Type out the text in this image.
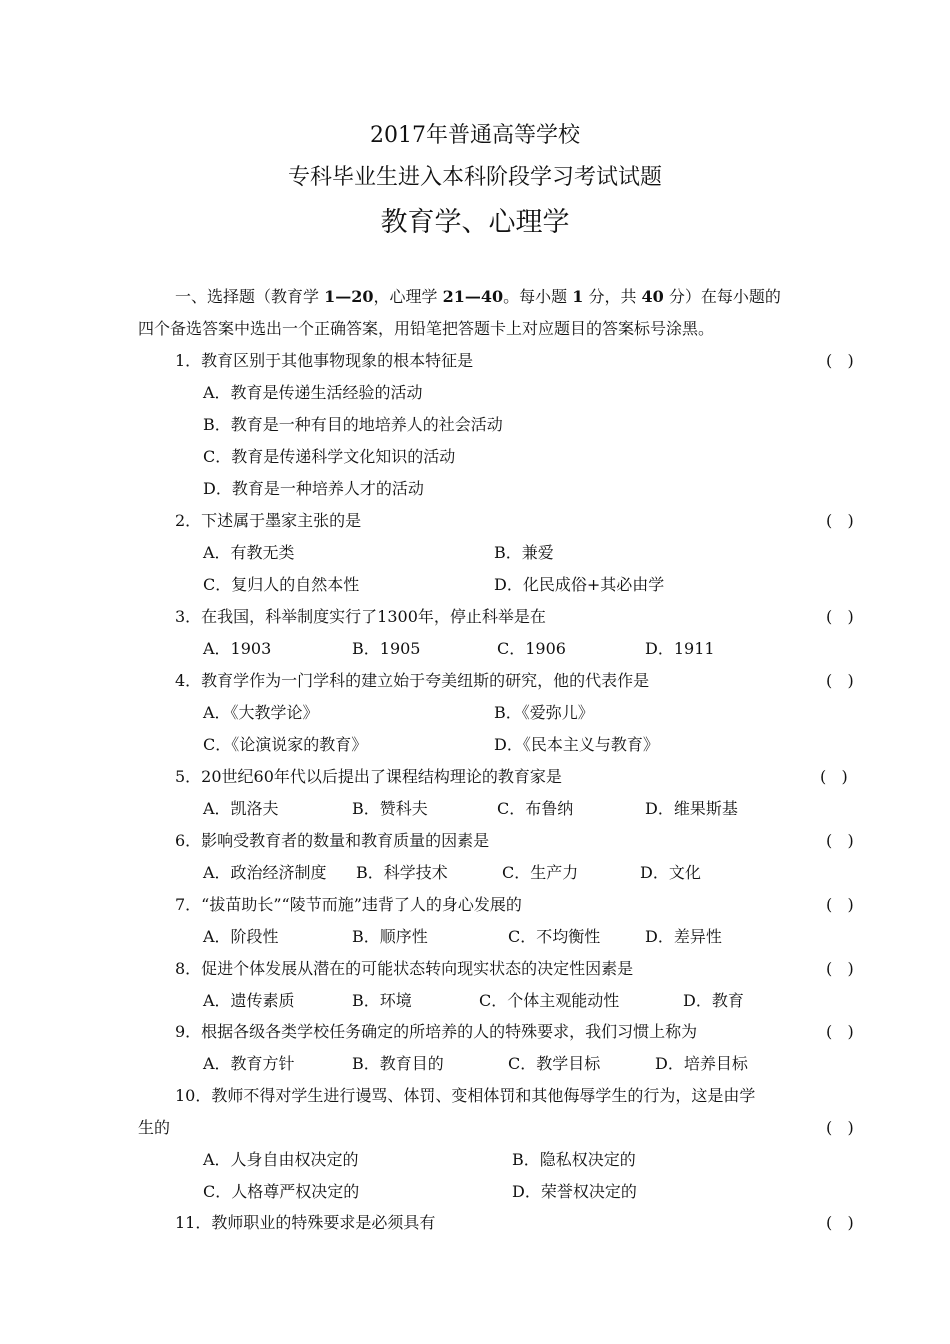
2017年普通高等学校
专科毕业生进入本科阶段学习考试试题
教育学、心理学
一、选择题（教育学 1—20，心理学 21—40。每小题 1 分，共 40 分）在每小题的
四个备选答案中选出一个正确答案，用铅笔把答题卡上对应题目的答案标号涂黑。
1．教育区别于其他事物现象的根本特征是	(   )
A．教育是传递生活经验的活动
B．教育是一种有目的地培养人的社会活动
C．教育是传递科学文化知识的活动
D．教育是一种培养人才的活动
2．下述属于墨家主张的是	(   )
A．有教无类	B．兼爱
C．复归人的自然本性	D．化民成俗+其必由学
3．在我国，科举制度实行了1300年，停止科举是在	(   )
A．1903	B．1905	C．1906	D．1911
4．教育学作为一门学科的建立始于夸美纽斯的研究，他的代表作是	(   )
A．《大教学论》	B．《爱弥儿》
C．《论演说家的教育》	D．《民本主义与教育》
5．20世纪60年代以后提出了课程结构理论的教育家是	(   )
A．凯洛夫	B．赞科夫	C．布鲁纳	D．维果斯基
6．影响受教育者的数量和教育质量的因素是	(   )
A．政治经济制度 B．科学技术	C．生产力	D．文化
7．“拔苗助长”“陵节而施”违背了人的身心发展的	(   )
A．阶段性	B．顺序性	C．不均衡性	D．差异性
8．促进个体发展从潜在的可能状态转向现实状态的决定性因素是	(   )
A．遗传素质	B．环境	C．个体主观能动性	D．教育
9．根据各级各类学校任务确定的所培养的人的特殊要求，我们习惯上称为	(   )
A．教育方针	B．教育目的	C．教学目标	D．培养目标
10．教师不得对学生进行谩骂、体罚、变相体罚和其他侮辱学生的行为，这是由学
生的	(   )
A．人身自由权决定的	B．隐私权决定的
C．人格尊严权决定的	D．荣誉权决定的
11．教师职业的特殊要求是必须具有	(   )
